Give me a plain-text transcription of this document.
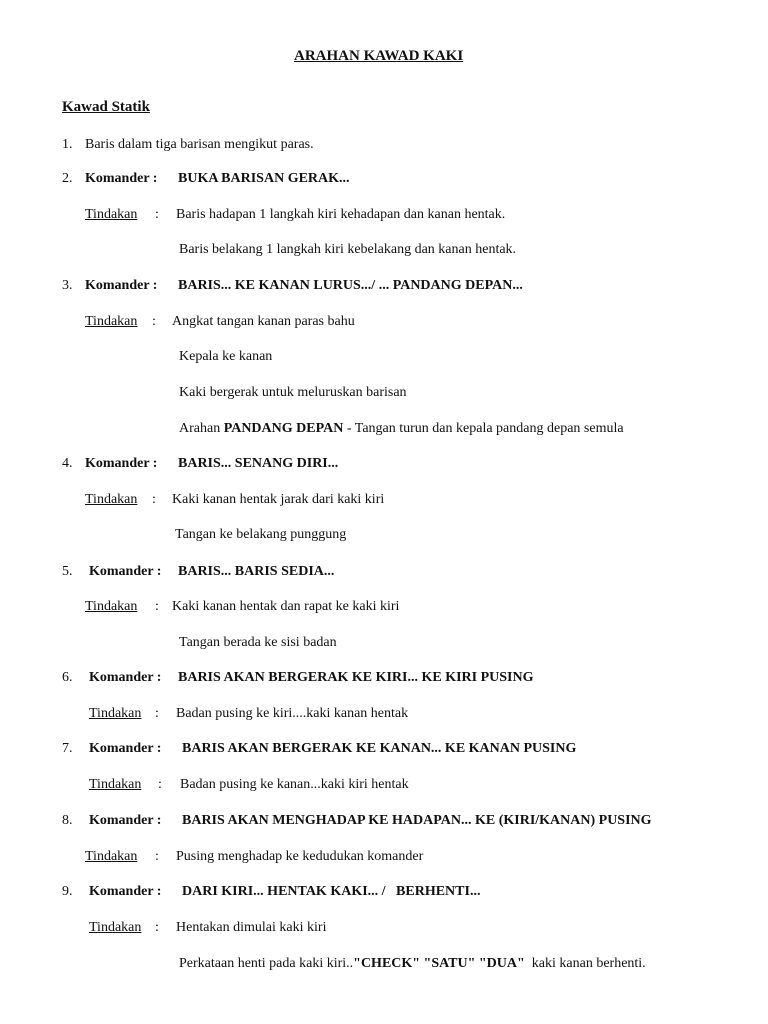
ARAHAN KAWAD KAKI
Kawad Statik
1. Baris dalam tiga barisan mengikut paras.
2. Komander : BUKA BARISAN GERAK...
Tindakan : Baris hadapan 1 langkah kiri kehadapan dan kanan hentak.
Baris belakang 1 langkah kiri kebelakang dan kanan hentak.
3. Komander : BARIS... KE KANAN LURUS.../ ... PANDANG DEPAN...
Tindakan : Angkat tangan kanan paras bahu
Kepala ke kanan
Kaki bergerak untuk meluruskan barisan
Arahan PANDANG DEPAN - Tangan turun dan kepala pandang depan semula
4. Komander : BARIS... SENANG DIRI...
Tindakan : Kaki kanan hentak jarak dari kaki kiri
Tangan ke belakang punggung
5. Komander : BARIS... BARIS SEDIA...
Tindakan : Kaki kanan hentak dan rapat ke kaki kiri
Tangan berada ke sisi badan
6. Komander : BARIS AKAN BERGERAK KE KIRI... KE KIRI PUSING
Tindakan : Badan pusing ke kiri....kaki kanan hentak
7. Komander : BARIS AKAN BERGERAK KE KANAN... KE KANAN PUSING
Tindakan : Badan pusing ke kanan...kaki kiri hentak
8. Komander : BARIS AKAN MENGHADAP KE HADAPAN... KE (KIRI/KANAN) PUSING
Tindakan : Pusing menghadap ke kedudukan komander
9. Komander : DARI KIRI... HENTAK KAKI... /   BERHENTI...
Tindakan : Hentakan dimulai kaki kiri
Perkataan henti pada kaki kiri.."CHECK" "SATU" "DUA"  kaki kanan berhenti.
